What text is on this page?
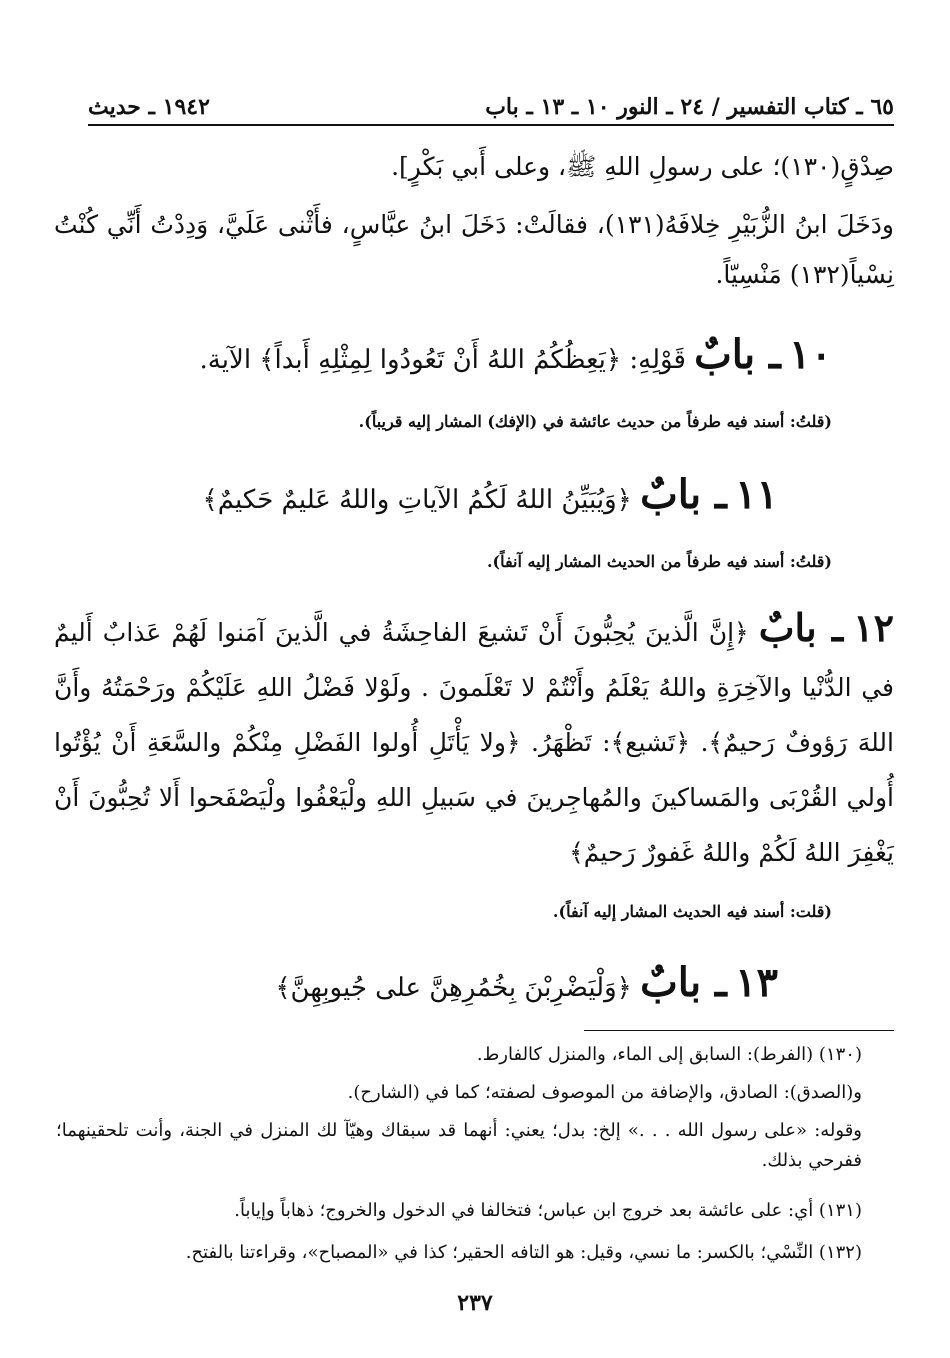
٦٥ ـ كتاب التفسير / ٢٤ ـ النور ١٠ ـ ١٣ ـ باب
١٩٤٢ ـ حديث
صِدْقٍ(١٣٠)؛ على رسولِ اللهِ ﷺ، وعلى أَبي بَكْرٍ].
ودَخَلَ ابنُ الزُّبَيْرِ خِلافَهُ(١٣١)، فقالَتْ: دَخَلَ ابنُ عبَّاسٍ، فأَثْنى عَلَيَّ، وَدِدْتُ أَنِّي كُنْتُ نِسْياً(١٣٢) مَنْسِيّاً.
١٠ ـ بابٌ قَوْلِهِ: ﴿يَعِظُكُمُ اللهُ أَنْ تَعُودُوا لِمِثْلِهِ أَبداً﴾ الآية.
(قلتُ: أسند فيه طرفاً من حديث عائشة في (الإفك) المشار إليه قريباً).
١١ ـ بابٌ ﴿وَيُبَيِّنُ اللهُ لَكُمُ الآياتِ واللهُ عَليمٌ حَكيمٌ﴾
(قلتُ: أسند فيه طرفاً من الحديث المشار إليه آنفاً).
١٢ ـ بابٌ ﴿إِنَّ الَّذينَ يُحِبُّونَ أَنْ تَشيعَ الفاحِشَةُ في الَّذينَ آمَنوا لَهُمْ عَذابٌ أَليمٌ في الدُّنْيا والآخِرَةِ واللهُ يَعْلَمُ وأَنْتُمْ لا تَعْلَمونَ . ولَوْلا فَضْلُ اللهِ عَلَيْكُمْ ورَحْمَتُهُ وأَنَّ اللهَ رَؤوفٌ رَحيمٌ﴾. ﴿تَشيع﴾: تَظْهَرُ. ﴿ولا يَأْتَلِ أُولوا الفَضْلِ مِنْكُمْ والسَّعَةِ أَنْ يُؤْتُوا أُولي القُرْبَى والمَساكينَ والمُهاجِرينَ في سَبيلِ اللهِ ولْيَعْفُوا ولْيَصْفَحوا أَلا تُحِبُّونَ أَنْ يَغْفِرَ اللهُ لَكُمْ واللهُ غَفورٌ رَحيمٌ﴾
(قلت: أسند فيه الحديث المشار إليه آنفاً).
١٣ ـ بابٌ ﴿وَلْيَضْرِبْنَ بِخُمُرِهِنَّ على جُيوبِهِنَّ﴾
(١٣٠) (الفرط): السابق إلى الماء، والمنزل كالفارط.
و(الصدق): الصادق، والإضافة من الموصوف لصفته؛ كما في (الشارح).
وقوله: «على رسول الله . . .» إلخ: بدل؛ يعني: أنهما قد سبقاك وهيّآ لك المنزل في الجنة، وأنت تلحقينهما؛ ففرحي بذلك.
(١٣١) أي: على عائشة بعد خروج ابن عباس؛ فتخالفا في الدخول والخروج؛ ذهاباً وإياباً.
(١٣٢) النِّسْي؛ بالكسر: ما نسي، وقيل: هو التافه الحقير؛ كذا في «المصباح»، وقراءتنا بالفتح.
٢٣٧
